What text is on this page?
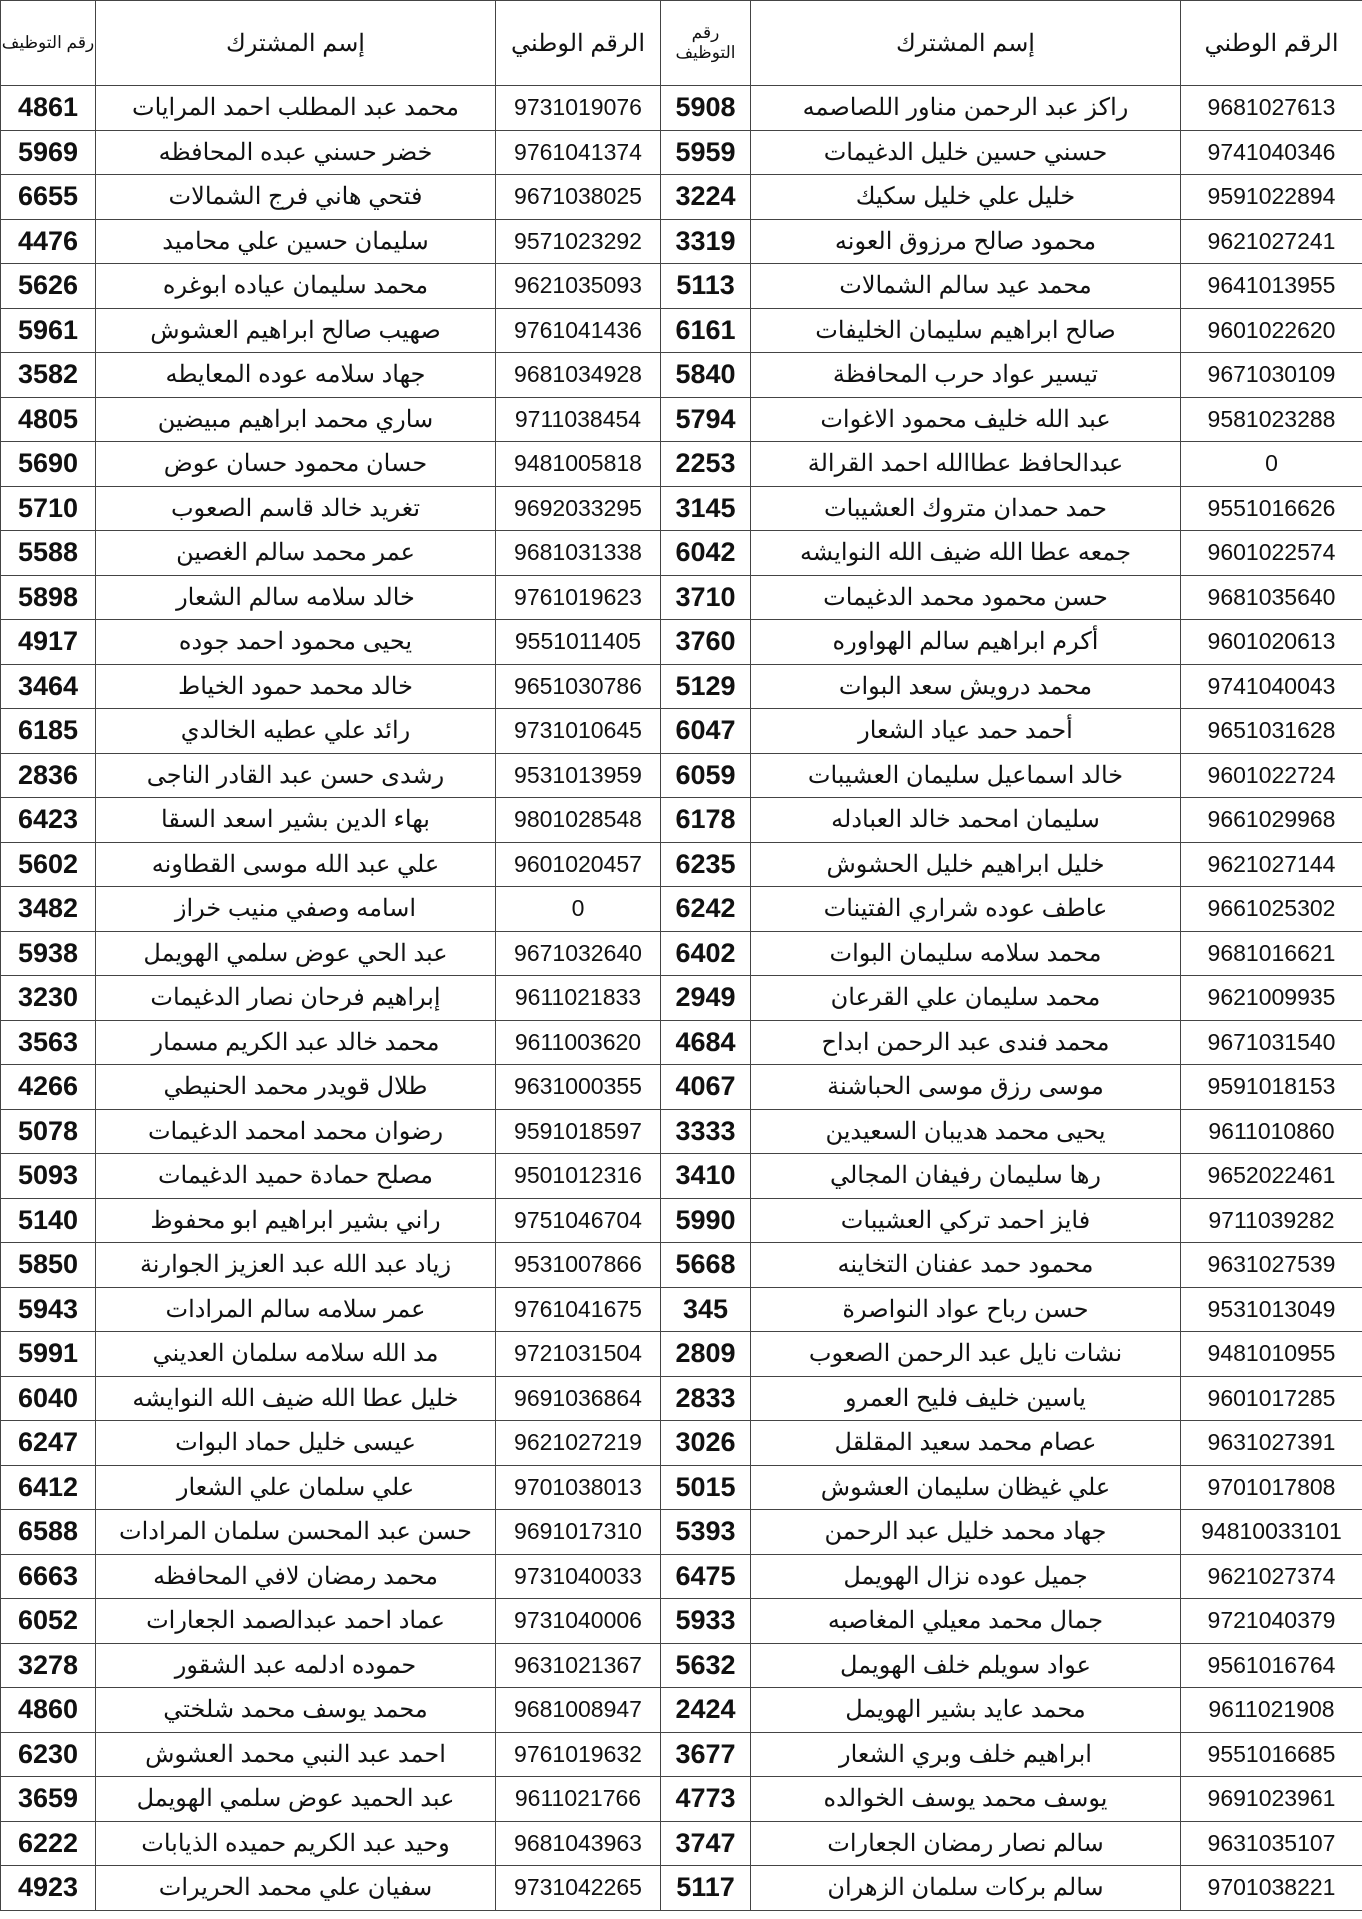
رقم التوظيف	إسم المشترك	الرقم الوطني	رقم التوظيف	إسم المشترك	الرقم الوطني
4861	محمد عبد المطلب احمد المرايات	9731019076	5908	راكز عبد الرحمن مناور اللصاصمه	9681027613
5969	خضر حسني عبده المحافظه	9761041374	5959	حسني حسين خليل الدغيمات	9741040346
6655	فتحي هاني فرج الشمالات	9671038025	3224	خليل علي خليل سكيك	9591022894
4476	سليمان حسين علي محاميد	9571023292	3319	محمود صالح مرزوق العونه	9621027241
5626	محمد سليمان عياده ابوغره	9621035093	5113	محمد عيد سالم الشمالات	9641013955
5961	صهيب صالح ابراهيم العشوش	9761041436	6161	صالح ابراهيم سليمان الخليفات	9601022620
3582	جهاد سلامه عوده المعايطه	9681034928	5840	تيسير عواد حرب المحافظة	9671030109
4805	ساري محمد ابراهيم مبيضين	9711038454	5794	عبد الله خليف محمود الاغوات	9581023288
5690	حسان محمود حسان عوض	9481005818	2253	عبدالحافظ عطاالله احمد القرالة	0
5710	تغريد خالد قاسم الصعوب	9692033295	3145	حمد حمدان متروك العشيبات	9551016626
5588	عمر محمد سالم الغصين	9681031338	6042	جمعه عطا الله ضيف الله النوايشه	9601022574
5898	خالد سلامه سالم الشعار	9761019623	3710	حسن محمود محمد الدغيمات	9681035640
4917	يحيى محمود احمد جوده	9551011405	3760	أكرم ابراهيم سالم الهواوره	9601020613
3464	خالد محمد حمود الخياط	9651030786	5129	محمد درويش سعد البوات	9741040043
6185	رائد علي عطيه الخالدي	9731010645	6047	أحمد حمد عياد الشعار	9651031628
2836	رشدى حسن عبد القادر الناجى	9531013959	6059	خالد اسماعيل سليمان العشيبات	9601022724
6423	بهاء الدين بشير اسعد السقا	9801028548	6178	سليمان امحمد خالد العبادله	9661029968
5602	علي عبد الله موسى القطاونه	9601020457	6235	خليل ابراهيم خليل الحشوش	9621027144
3482	اسامه وصفي منيب خراز	0	6242	عاطف عوده شراري الفتينات	9661025302
5938	عبد الحي عوض سلمي الهويمل	9671032640	6402	محمد سلامه سليمان البوات	9681016621
3230	إبراهيم فرحان نصار الدغيمات	9611021833	2949	محمد سليمان علي القرعان	9621009935
3563	محمد خالد عبد الكريم مسمار	9611003620	4684	محمد فندى عبد الرحمن ابداح	9671031540
4266	طلال قويدر محمد الحنيطي	9631000355	4067	موسى رزق موسى الحباشنة	9591018153
5078	رضوان محمد امحمد الدغيمات	9591018597	3333	يحيى محمد هديبان السعيدين	9611010860
5093	مصلح حمادة حميد الدغيمات	9501012316	3410	رها سليمان رفيفان المجالي	9652022461
5140	راني بشير ابراهيم ابو محفوظ	9751046704	5990	فايز احمد تركي العشيبات	9711039282
5850	زياد عبد الله عبد العزيز الجوارنة	9531007866	5668	محمود حمد عفنان التخاينه	9631027539
5943	عمر سلامه سالم المرادات	9761041675	345	حسن رباح عواد النواصرة	9531013049
5991	مد الله سلامه سلمان العديني	9721031504	2809	نشات نايل عبد الرحمن الصعوب	9481010955
6040	خليل عطا الله ضيف الله النوايشه	9691036864	2833	ياسين خليف فليح العمرو	9601017285
6247	عيسى خليل حماد البوات	9621027219	3026	عصام محمد سعيد المقلقل	9631027391
6412	علي سلمان علي الشعار	9701038013	5015	علي غيظان سليمان العشوش	9701017808
6588	حسن عبد المحسن سلمان المرادات	9691017310	5393	جهاد محمد خليل عبد الرحمن	94810033101
6663	محمد رمضان لافي المحافظه	9731040033	6475	جميل عوده نزال الهويمل	9621027374
6052	عماد احمد عبدالصمد الجعارات	9731040006	5933	جمال محمد معيلي المغاصبه	9721040379
3278	حموده ادلمه عبد الشقور	9631021367	5632	عواد سويلم خلف الهويمل	9561016764
4860	محمد يوسف محمد شلختي	9681008947	2424	محمد عايد بشير الهويمل	9611021908
6230	احمد عبد النبي محمد العشوش	9761019632	3677	ابراهيم خلف وبري الشعار	9551016685
3659	عبد الحميد عوض سلمي الهويمل	9611021766	4773	يوسف محمد يوسف الخوالده	9691023961
6222	وحيد عبد الكريم حميده الذيابات	9681043963	3747	سالم نصار رمضان الجعارات	9631035107
4923	سفيان علي محمد الحريرات	9731042265	5117	سالم بركات سلمان الزهران	9701038221
